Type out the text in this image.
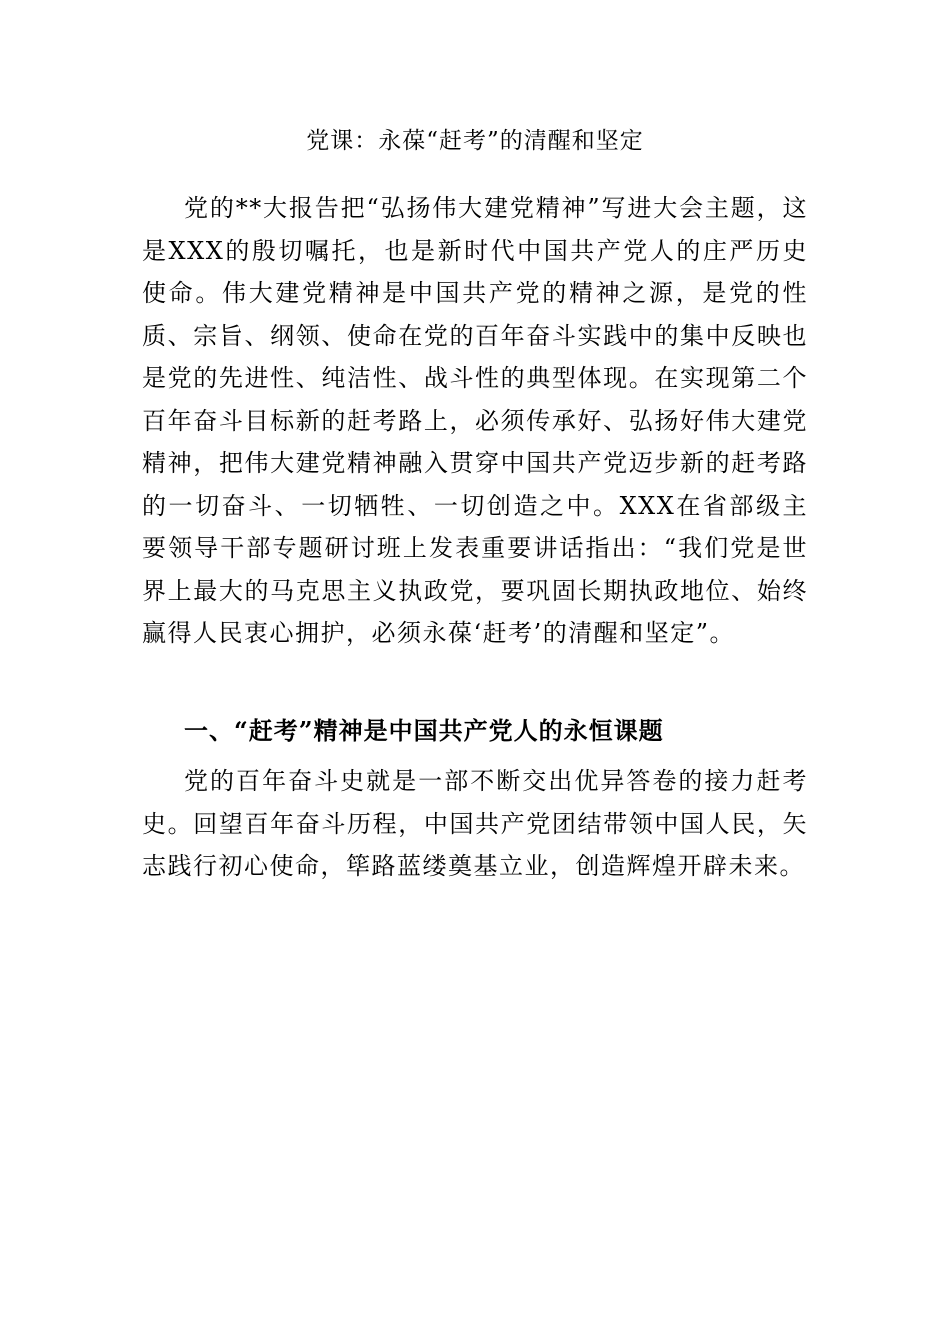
党课：永葆“赶考”的清醒和坚定

党的**大报告把“弘扬伟大建党精神”写进大会主题，这是XXX的殷切嘱托，也是新时代中国共产党人的庄严历史使命。伟大建党精神是中国共产党的精神之源，是党的性质、宗旨、纲领、使命在党的百年奋斗实践中的集中反映也是党的先进性、纯洁性、战斗性的典型体现。在实现第二个百年奋斗目标新的赶考路上，必须传承好、弘扬好伟大建党精神，把伟大建党精神融入贯穿中国共产党迈步新的赶考路的一切奋斗、一切牺牲、一切创造之中。XXX在省部级主要领导干部专题研讨班上发表重要讲话指出：“我们党是世界上最大的马克思主义执政党，要巩固长期执政地位、始终赢得人民衷心拥护，必须永葆‘赶考’的清醒和坚定”。

一、“赶考”精神是中国共产党人的永恒课题

党的百年奋斗史就是一部不断交出优异答卷的接力赶考史。回望百年奋斗历程，中国共产党团结带领中国人民，矢志践行初心使命，筚路蓝缕奠基立业，创造辉煌开辟未来。
